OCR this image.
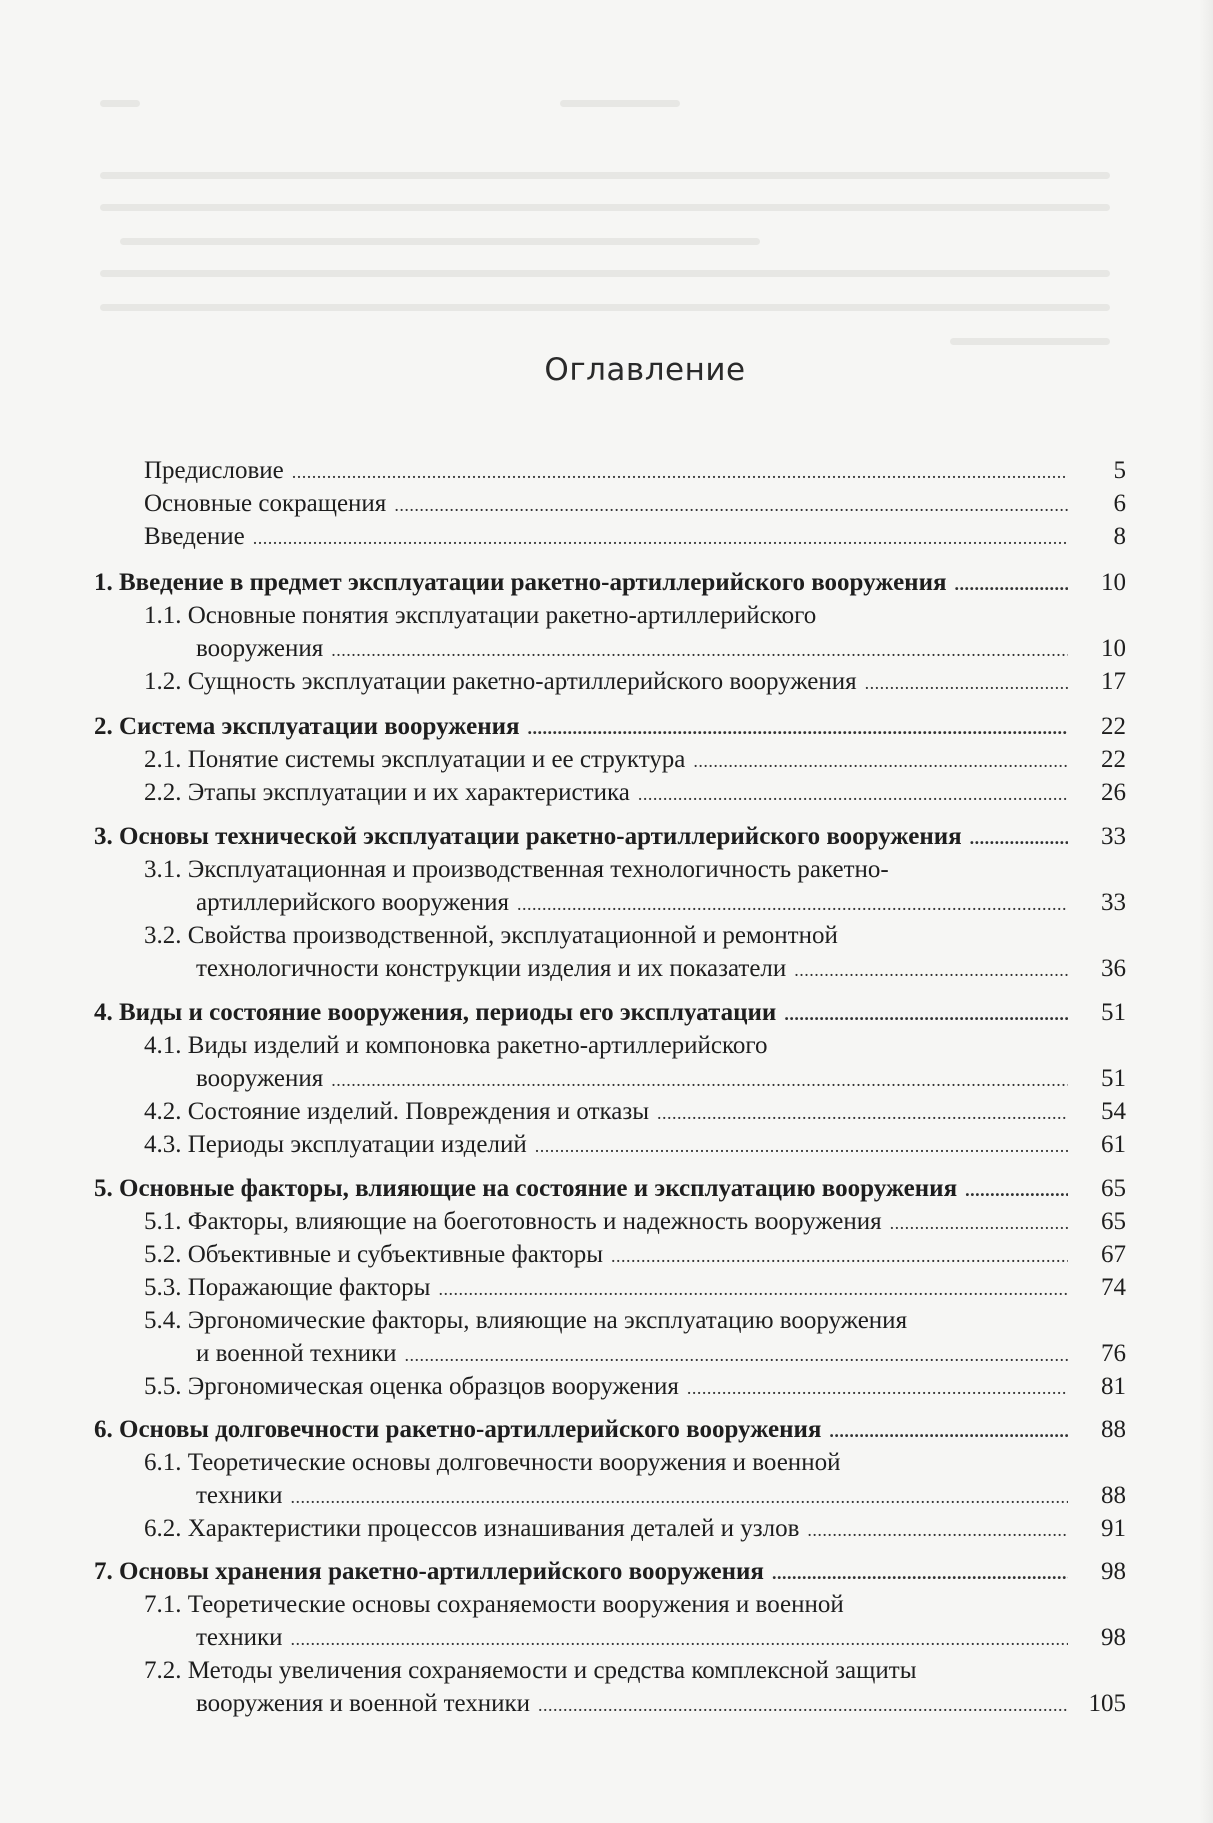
Оглавление
Предисловие . . .	5
Основные сокращения . . .	6
Введение . . .	8
1. Введение в предмет эксплуатации ракетно-артиллерийского вооружения . . .	10
1.1. Основные понятия эксплуатации ракетно-артиллерийского
вооружения . . .	10
1.2. Сущность эксплуатации ракетно-артиллерийского вооружения . . .	17
2. Система эксплуатации вооружения . . .	22
2.1. Понятие системы эксплуатации и ее структура . . .	22
2.2. Этапы эксплуатации и их характеристика . . .	26
3. Основы технической эксплуатации ракетно-артиллерийского вооружения . . .	33
3.1. Эксплуатационная и производственная технологичность ракетно-
артиллерийского вооружения . . .	33
3.2. Свойства производственной, эксплуатационной и ремонтной
технологичности конструкции изделия и их показатели . . .	36
4. Виды и состояние вооружения, периоды его эксплуатации . . .	51
4.1. Виды изделий и компоновка ракетно-артиллерийского
вооружения . . .	51
4.2. Состояние изделий. Повреждения и отказы . . .	54
4.3. Периоды эксплуатации изделий . . .	61
5. Основные факторы, влияющие на состояние и эксплуатацию вооружения . . .	65
5.1. Факторы, влияющие на боеготовность и надежность вооружения . . .	65
5.2. Объективные и субъективные факторы . . .	67
5.3. Поражающие факторы . . .	74
5.4. Эргономические факторы, влияющие на эксплуатацию вооружения
и военной техники . . .	76
5.5. Эргономическая оценка образцов вооружения . . .	81
6. Основы долговечности ракетно-артиллерийского вооружения . . .	88
6.1. Теоретические основы долговечности вооружения и военной
техники . . .	88
6.2. Характеристики процессов изнашивания деталей и узлов . . .	91
7. Основы хранения ракетно-артиллерийского вооружения . . .	98
7.1. Теоретические основы сохраняемости вооружения и военной
техники . . .	98
7.2. Методы увеличения сохраняемости и средства комплексной защиты
вооружения и военной техники . . .	105
